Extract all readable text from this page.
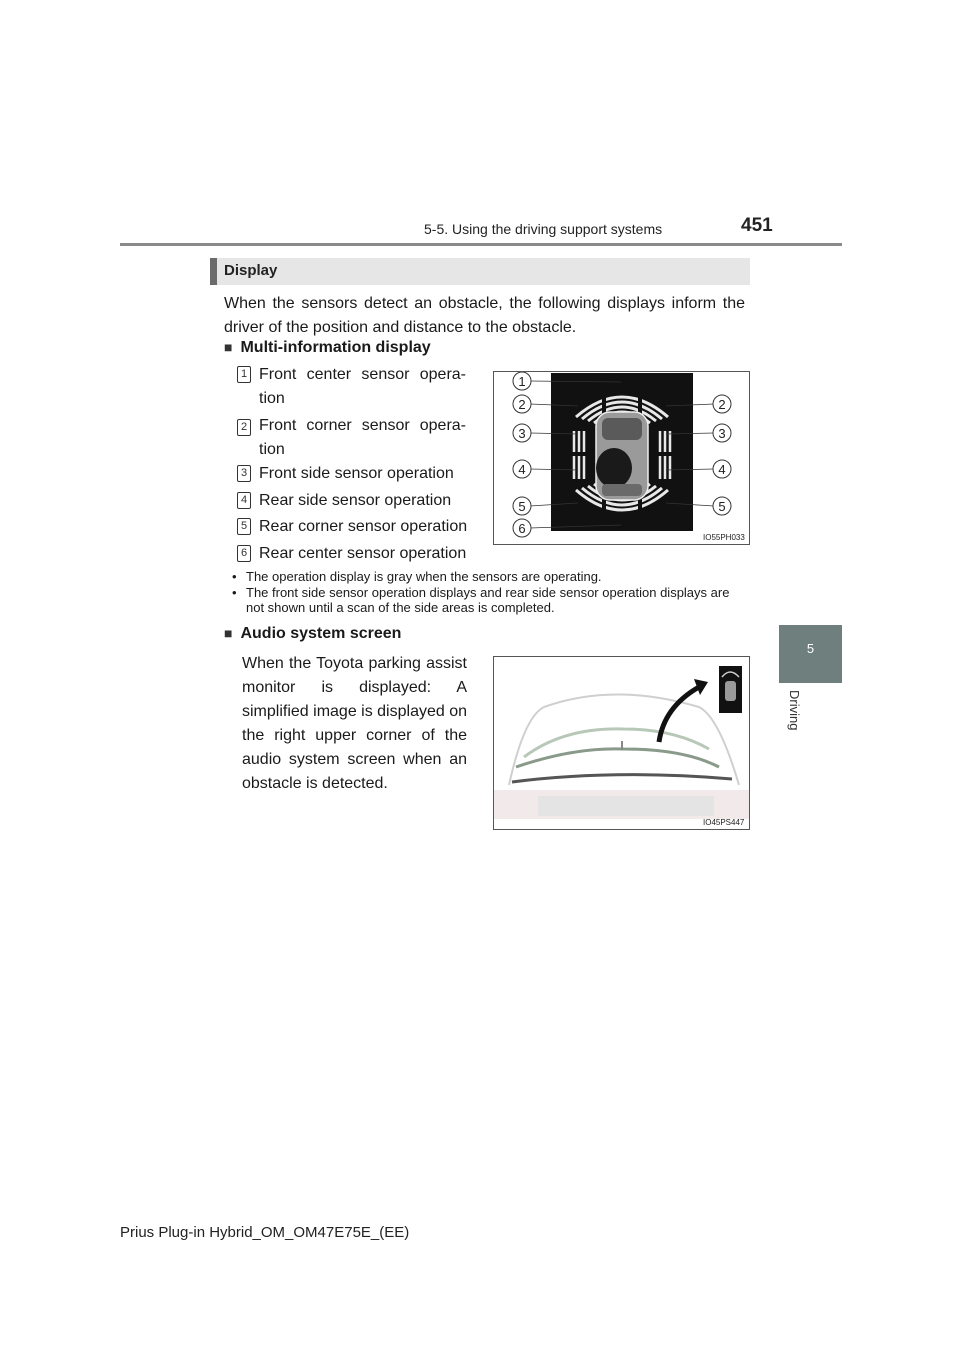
5-5. Using the driving support systems	451
5
Driving
Display
When the sensors detect an obstacle, the following displays inform the driver of the position and distance to the obstacle.
■ Multi-information display
1 Front center sensor opera-tion
2 Front corner sensor opera-tion
3 Front side sensor operation
4 Rear side sensor operation
5 Rear corner sensor operation
6 Rear center sensor operation
• The operation display is gray when the sensors are operating.
• The front side sensor operation displays and rear side sensor operation displays are not shown until a scan of the side areas is completed.
1
2
3
4
5
6
2
3
4
5
IO55PH033
■ Audio system screen
When the Toyota parking assist monitor is displayed: A simplified image is displayed on the right upper corner of the audio system screen when an obstacle is detected.
IO45PS447
Prius Plug-in Hybrid_OM_OM47E75E_(EE)
